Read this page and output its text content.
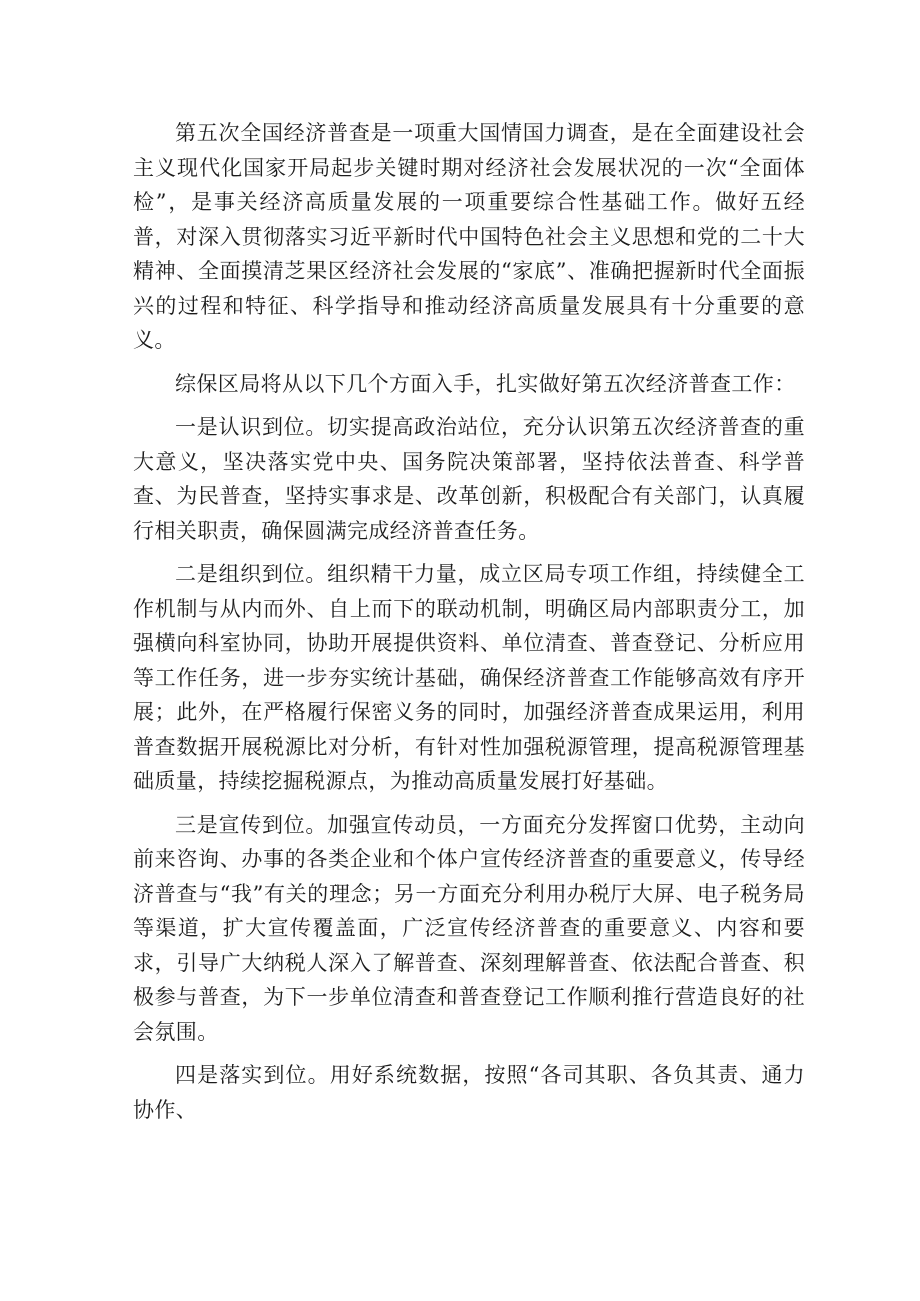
第五次全国经济普查是一项重大国情国力调查，是在全面建设社会主义现代化国家开局起步关键时期对经济社会发展状况的一次“全面体检”，是事关经济高质量发展的一项重要综合性基础工作。做好五经普，对深入贯彻落实习近平新时代中国特色社会主义思想和党的二十大精神、全面摸清芝果区经济社会发展的“家底”、准确把握新时代全面振兴的过程和特征、科学指导和推动经济高质量发展具有十分重要的意义。

综保区局将从以下几个方面入手，扎实做好第五次经济普查工作：

一是认识到位。切实提高政治站位，充分认识第五次经济普查的重大意义，坚决落实党中央、国务院决策部署，坚持依法普查、科学普查、为民普查，坚持实事求是、改革创新，积极配合有关部门，认真履行相关职责，确保圆满完成经济普查任务。

二是组织到位。组织精干力量，成立区局专项工作组，持续健全工作机制与从内而外、自上而下的联动机制，明确区局内部职责分工，加强横向科室协同，协助开展提供资料、单位清查、普查登记、分析应用等工作任务，进一步夯实统计基础，确保经济普查工作能够高效有序开展；此外，在严格履行保密义务的同时，加强经济普查成果运用，利用普查数据开展税源比对分析，有针对性加强税源管理，提高税源管理基础质量，持续挖掘税源点，为推动高质量发展打好基础。

三是宣传到位。加强宣传动员，一方面充分发挥窗口优势，主动向前来咨询、办事的各类企业和个体户宣传经济普查的重要意义，传导经济普查与“我”有关的理念；另一方面充分利用办税厅大屏、电子税务局等渠道，扩大宣传覆盖面，广泛宣传经济普查的重要意义、内容和要求，引导广大纳税人深入了解普查、深刻理解普查、依法配合普查、积极参与普查，为下一步单位清查和普查登记工作顺利推行营造良好的社会氛围。

四是落实到位。用好系统数据，按照“各司其职、各负其责、通力协作、
